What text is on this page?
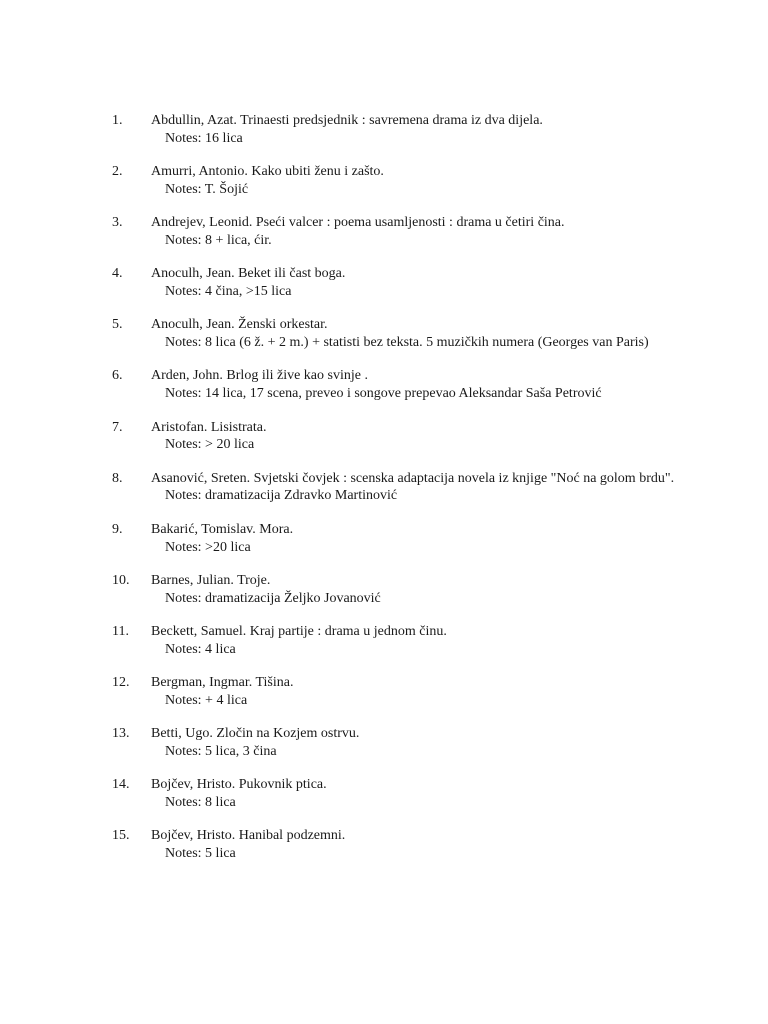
1.	Abdullin, Azat. Trinaesti predsjednik : savremena drama iz dva dijela.
Notes: 16 lica
2.	Amurri, Antonio. Kako ubiti ženu i zašto.
Notes: T. Šojić
3.	Andrejev, Leonid. Pseći valcer : poema usamljenosti : drama u četiri čina.
Notes: 8 + lica, ćir.
4.	Anoculh, Jean. Beket ili čast boga.
Notes: 4 čina, >15 lica
5.	Anoculh, Jean. Ženski orkestar.
Notes: 8 lica (6 ž. + 2 m.) + statisti bez teksta. 5 muzičkih numera (Georges van Paris)
6.	Arden, John. Brlog ili žive kao svinje .
Notes: 14 lica, 17 scena, preveo i songove prepevao Aleksandar Saša Petrović
7.	Aristofan. Lisistrata.
Notes: > 20 lica
8.	Asanović, Sreten. Svjetski čovjek : scenska adaptacija novela iz knjige "Noć na golom brdu".
Notes: dramatizacija Zdravko Martinović
9.	Bakarić, Tomislav. Mora.
Notes: >20 lica
10.	Barnes, Julian. Troje.
Notes: dramatizacija Željko Jovanović
11.	Beckett, Samuel. Kraj partije : drama u jednom činu.
Notes: 4 lica
12.	Bergman, Ingmar. Tišina.
Notes: + 4 lica
13.	Betti, Ugo. Zločin na Kozjem ostrvu.
Notes: 5 lica, 3 čina
14.	Bojčev, Hristo. Pukovnik ptica.
Notes: 8 lica
15.	Bojčev, Hristo. Hanibal podzemni.
Notes: 5 lica
